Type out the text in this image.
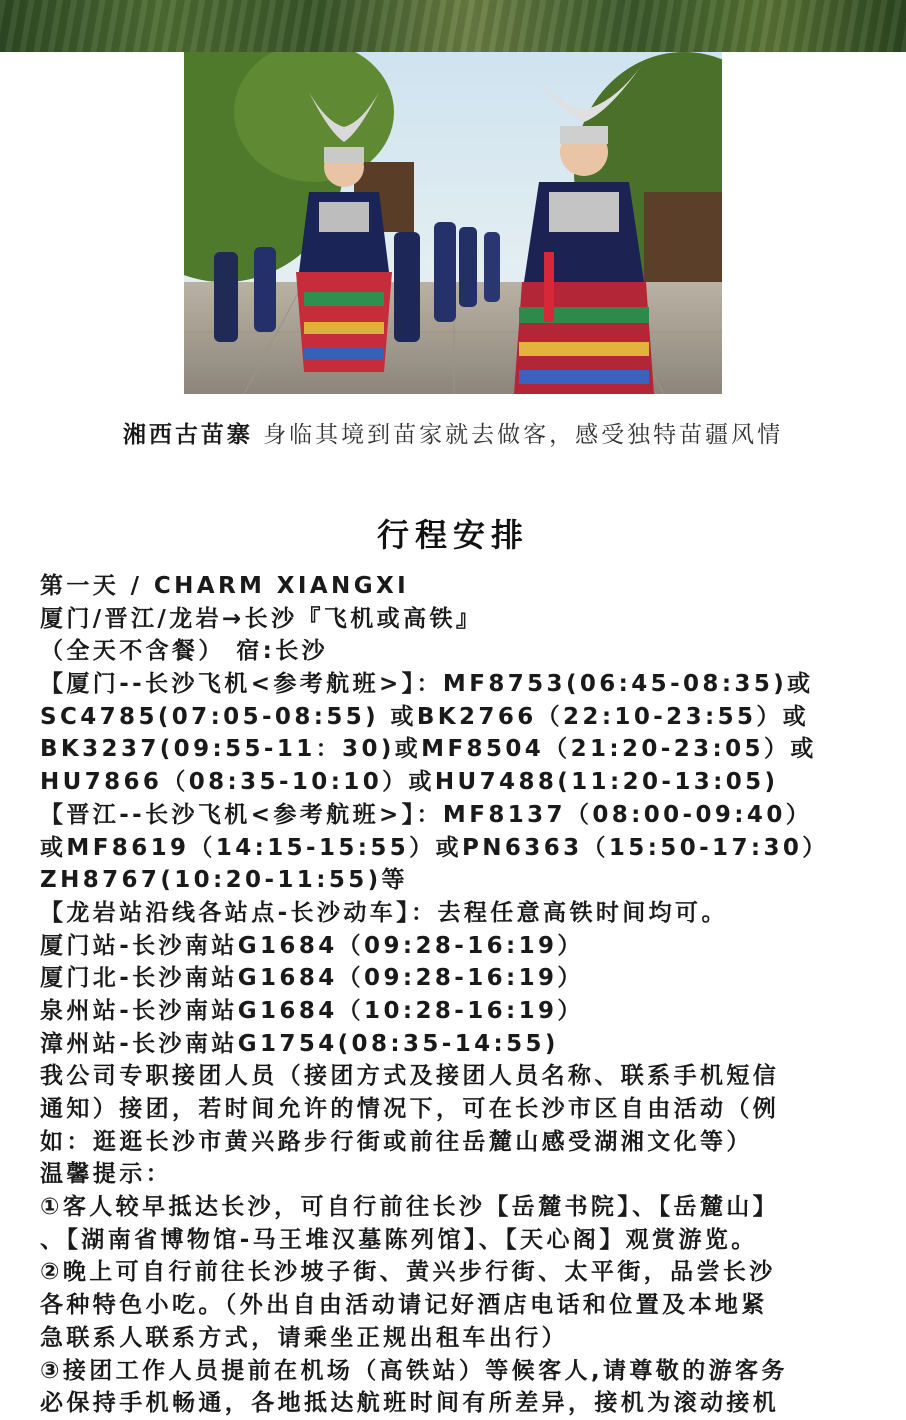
湘西古苗寨 身临其境到苗家就去做客，感受独特苗疆风情
行程安排
第一天 / CHARM XIANGXI
厦门/晋江/龙岩→长沙『飞机或高铁』
（全天不含餐） 宿:长沙
【厦门--长沙飞机<参考航班>】：MF8753(06:45-08:35)或
SC4785(07:05-08:55) 或BK2766（22:10-23:55）或
BK3237(09:55-11：30)或MF8504（21:20-23:05）或
HU7866（08:35-10:10）或HU7488(11:20-13:05)
【晋江--长沙飞机<参考航班>】：MF8137（08:00-09:40）
或MF8619（14:15-15:55）或PN6363（15:50-17:30）
ZH8767(10:20-11:55)等
【龙岩站沿线各站点-长沙动车】：去程任意高铁时间均可。
厦门站-长沙南站G1684（09:28-16:19）
厦门北-长沙南站G1684（09:28-16:19）
泉州站-长沙南站G1684（10:28-16:19）
漳州站-长沙南站G1754(08:35-14:55)
我公司专职接团人员（接团方式及接团人员名称、联系手机短信
通知）接团，若时间允许的情况下，可在长沙市区自由活动（例
如：逛逛长沙市黄兴路步行街或前往岳麓山感受湖湘文化等）
温馨提示：
①客人较早抵达长沙，可自行前往长沙【岳麓书院】、【岳麓山】
、【湖南省博物馆-马王堆汉墓陈列馆】、【天心阁】观赏游览。
②晚上可自行前往长沙坡子街、黄兴步行街、太平街，品尝长沙
各种特色小吃。（外出自由活动请记好酒店电话和位置及本地紧
急联系人联系方式，请乘坐正规出租车出行）
③接团工作人员提前在机场（高铁站）等候客人,请尊敬的游客务
必保持手机畅通，各地抵达航班时间有所差异，接机为滚动接机
